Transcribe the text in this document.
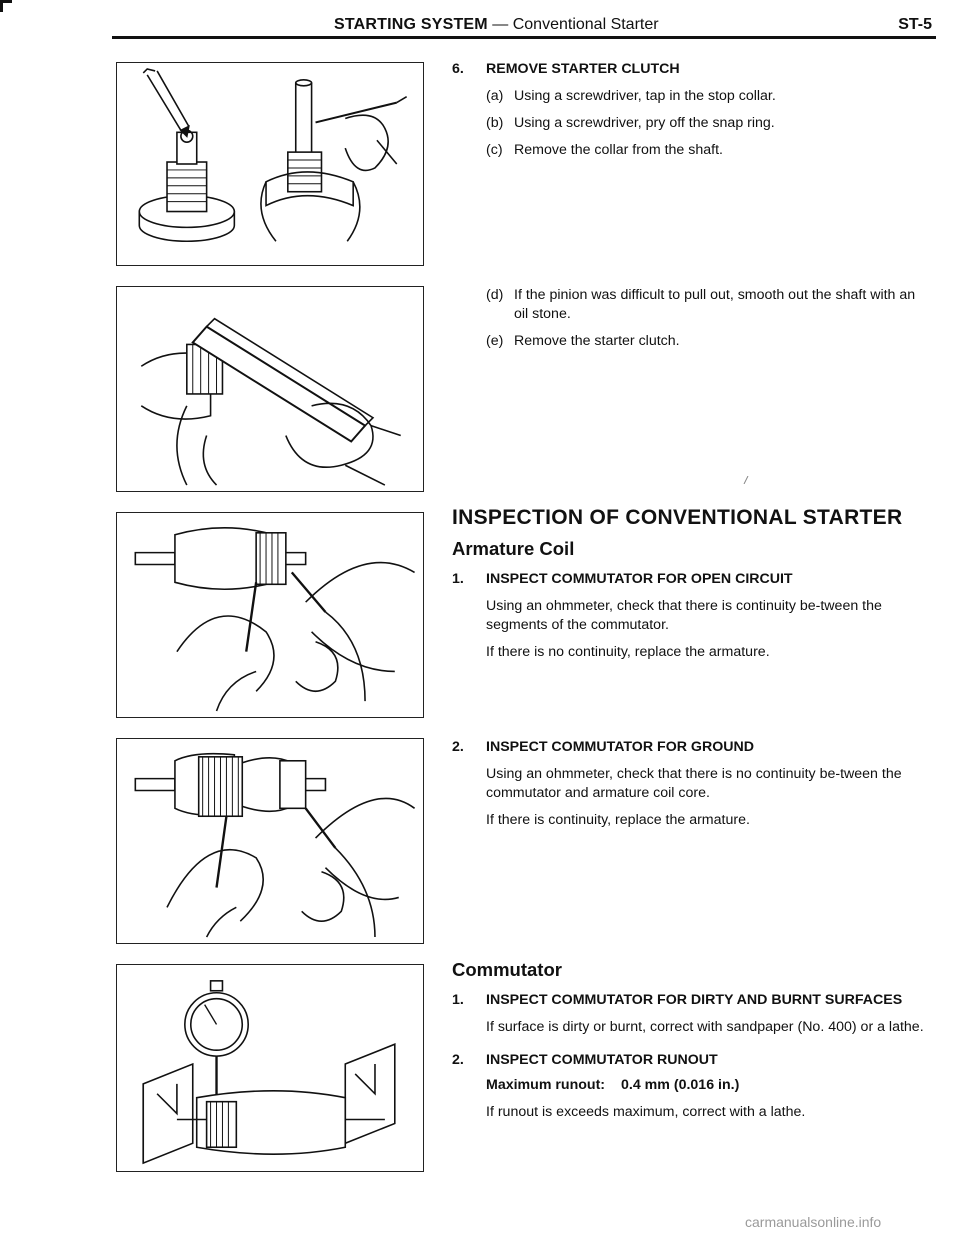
STARTING SYSTEM — Conventional Starter	ST-5
6.	REMOVE STARTER CLUTCH
(a) Using a screwdriver, tap in the stop collar.
(b) Using a screwdriver, pry off the snap ring.
(c) Remove the collar from the shaft.
(d) If the pinion was difficult to pull out, smooth out the shaft with an oil stone.
(e) Remove the starter clutch.
INSPECTION OF CONVENTIONAL STARTER
Armature Coil
1.	INSPECT COMMUTATOR FOR OPEN CIRCUIT
Using an ohmmeter, check that there is continuity be-tween the segments of the commutator.
If there is no continuity, replace the armature.
2.	INSPECT COMMUTATOR FOR GROUND
Using an ohmmeter, check that there is no continuity be-tween the commutator and armature coil core.
If there is continuity, replace the armature.
Commutator
1.	INSPECT COMMUTATOR FOR DIRTY AND BURNT SURFACES
If surface is dirty or burnt, correct with sandpaper (No. 400) or a lathe.
2.	INSPECT COMMUTATOR RUNOUT
Maximum runout: 0.4 mm (0.016 in.)
If runout is exceeds maximum, correct with a lathe.
carmanualsonline.info
